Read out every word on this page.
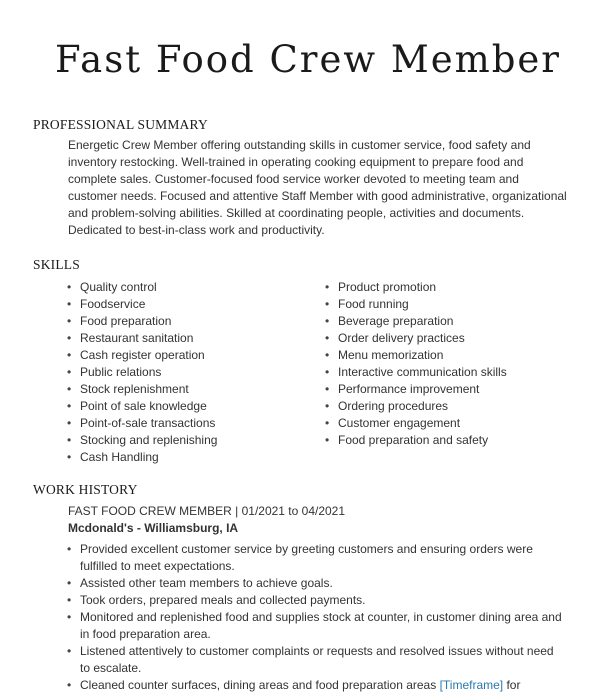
Fast Food Crew Member
PROFESSIONAL SUMMARY
Energetic Crew Member offering outstanding skills in customer service, food safety and
inventory restocking. Well-trained in operating cooking equipment to prepare food and
complete sales. Customer-focused food service worker devoted to meeting team and
customer needs. Focused and attentive Staff Member with good administrative, organizational
and problem-solving abilities. Skilled at coordinating people, activities and documents.
Dedicated to best-in-class work and productivity.
SKILLS
• Quality control
• Foodservice
• Food preparation
• Restaurant sanitation
• Cash register operation
• Public relations
• Stock replenishment
• Point of sale knowledge
• Point-of-sale transactions
• Stocking and replenishing
• Cash Handling
• Product promotion
• Food running
• Beverage preparation
• Order delivery practices
• Menu memorization
• Interactive communication skills
• Performance improvement
• Ordering procedures
• Customer engagement
• Food preparation and safety
WORK HISTORY
FAST FOOD CREW MEMBER | 01/2021 to 04/2021
Mcdonald's - Williamsburg, IA
• Provided excellent customer service by greeting customers and ensuring orders were
fulfilled to meet expectations.
• Assisted other team members to achieve goals.
• Took orders, prepared meals and collected payments.
• Monitored and replenished food and supplies stock at counter, in customer dining area and
in food preparation area.
• Listened attentively to customer complaints or requests and resolved issues without need
to escalate.
• Cleaned counter surfaces, dining areas and food preparation areas [Timeframe] for
